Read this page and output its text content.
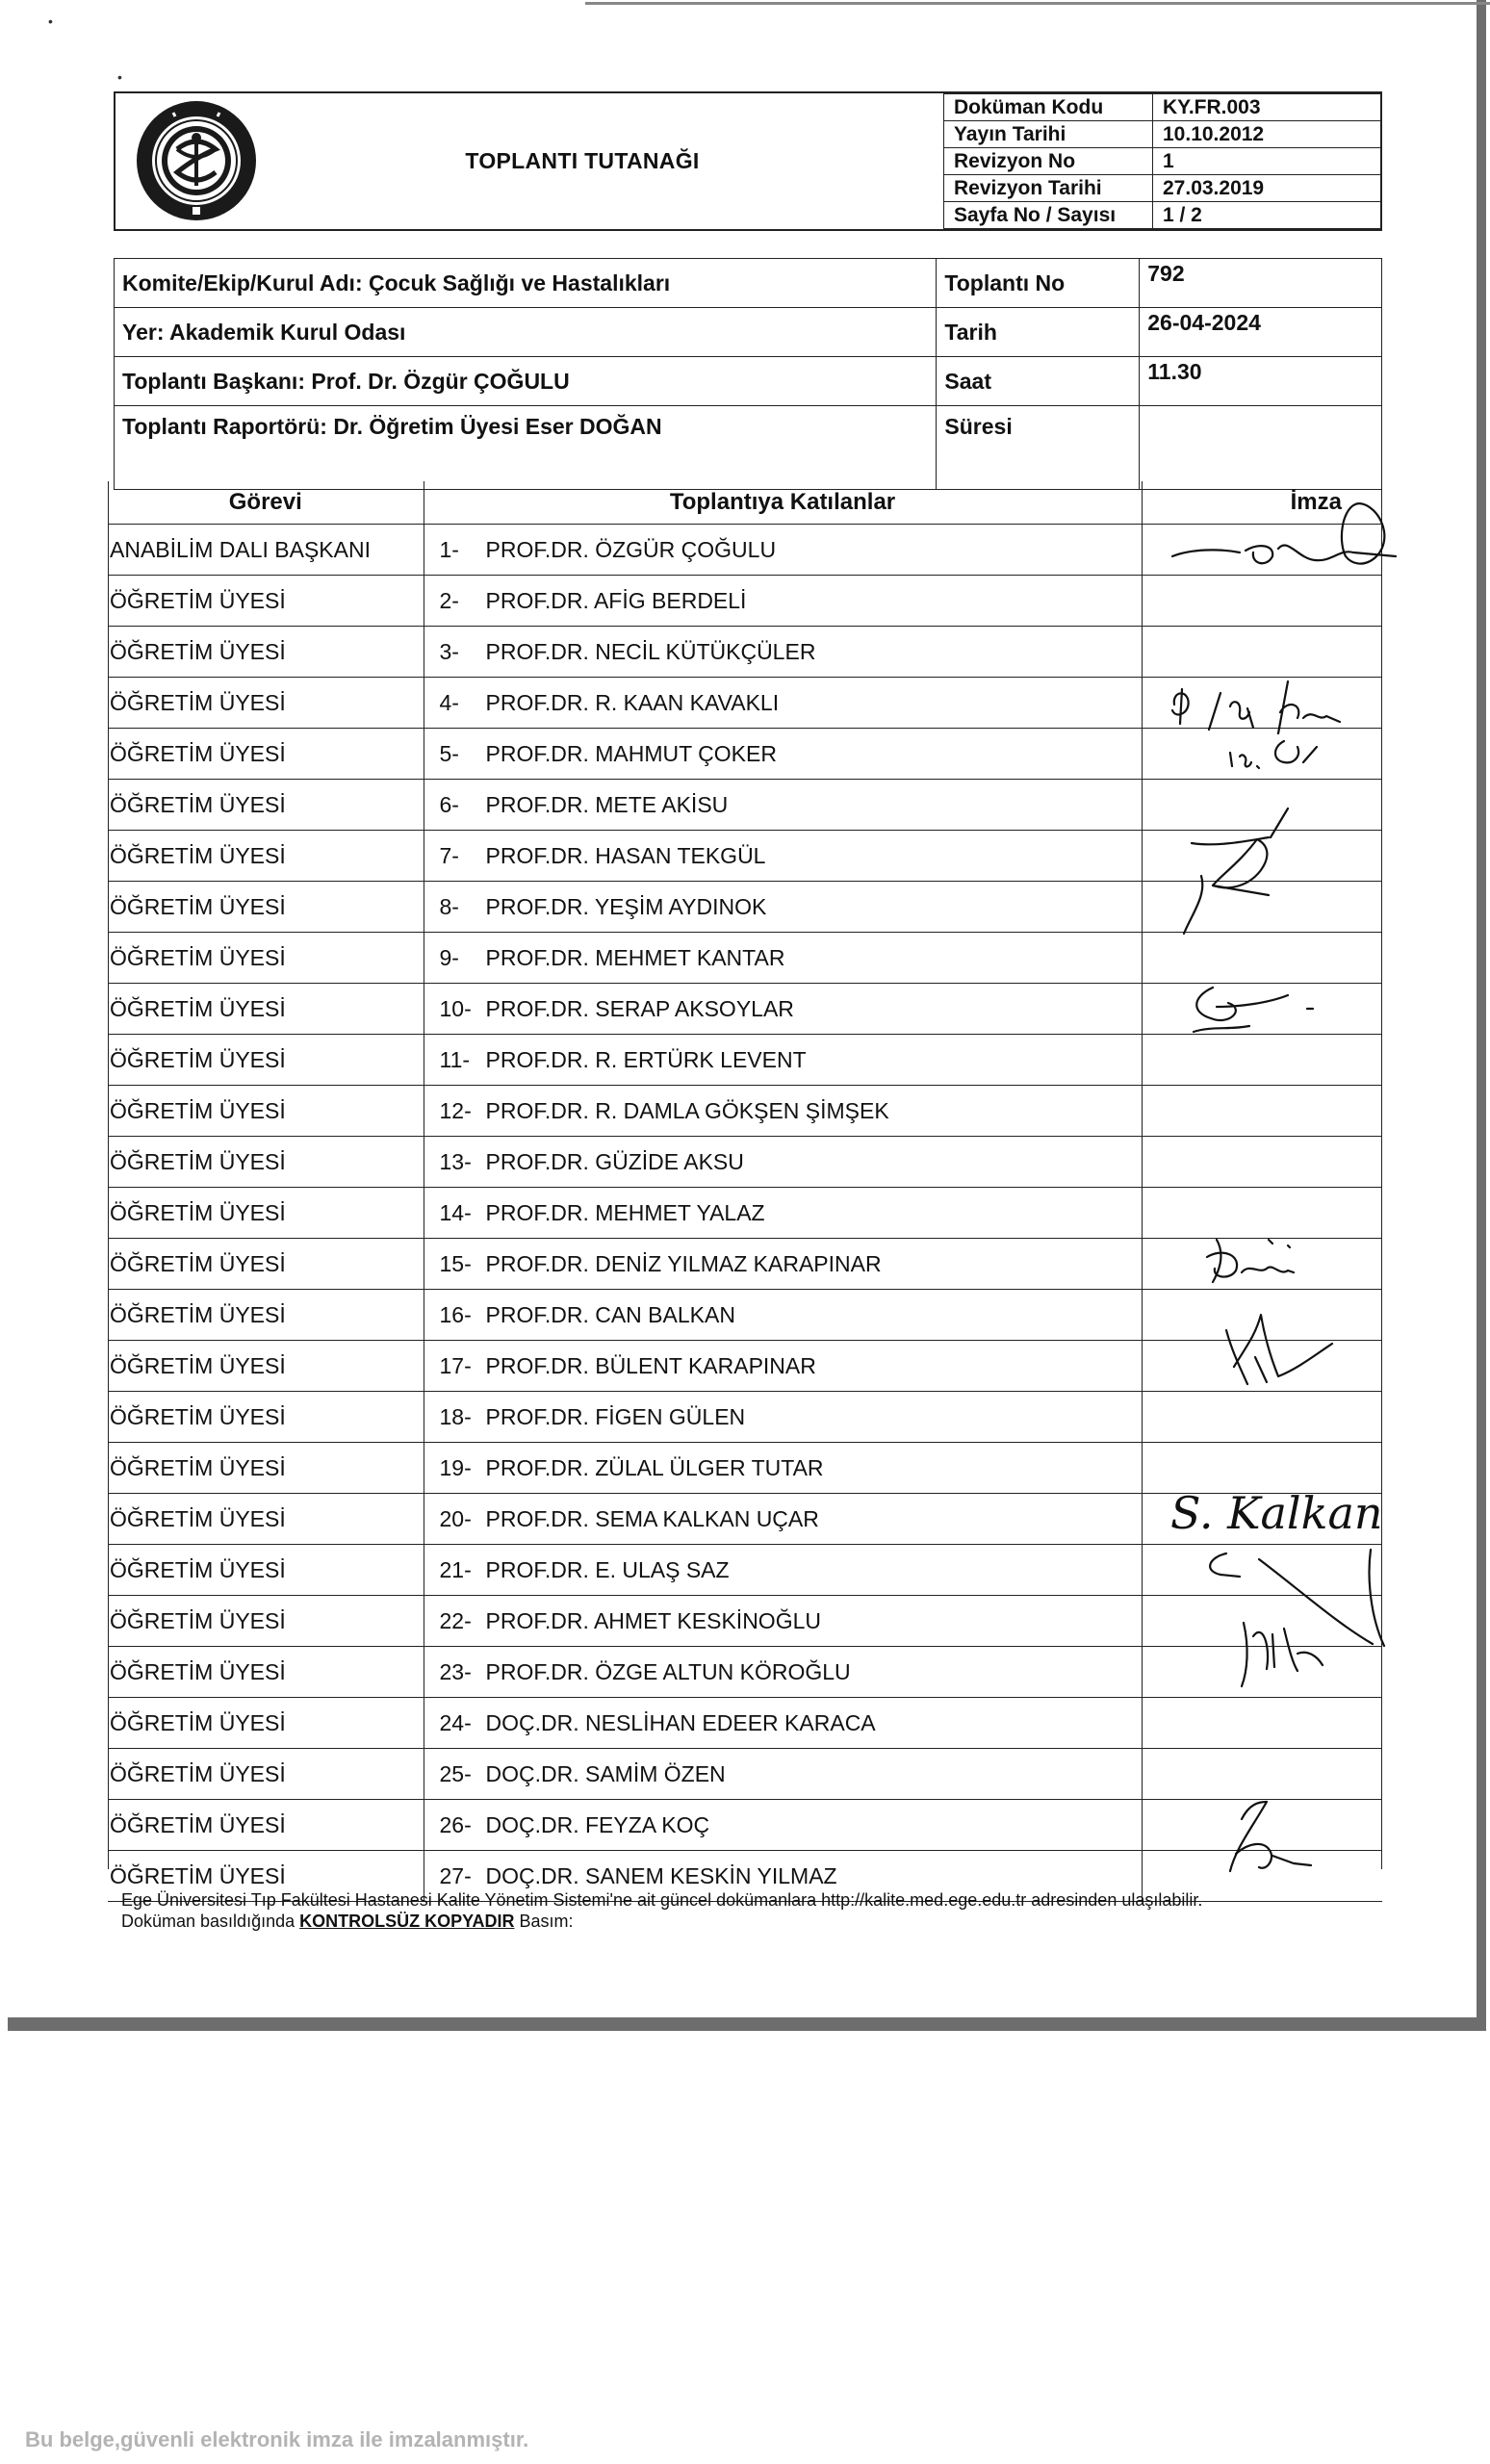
•
•
TOPLANTI TUTANAĞI
Doküman Kodu	KY.FR.003
Yayın Tarihi	10.10.2012
Revizyon No	1
Revizyon Tarihi	27.03.2019
Sayfa No / Sayısı	1 / 2
Komite/Ekip/Kurul Adı: Çocuk Sağlığı ve Hastalıkları	Toplantı No	792
Yer: Akademik Kurul Odası	Tarih	26-04-2024
Toplantı Başkanı: Prof. Dr. Özgür ÇOĞULU	Saat	11.30
Toplantı Raportörü: Dr. Öğretim Üyesi Eser DOĞAN	Süresi	
Görevi	Toplantıya Katılanlar	İmza
ANABİLİM DALI BAŞKANI	1- PROF.DR. ÖZGÜR ÇOĞULU	
ÖĞRETİM ÜYESİ	2- PROF.DR. AFİG BERDELİ	
ÖĞRETİM ÜYESİ	3- PROF.DR. NECİL KÜTÜKÇÜLER	
ÖĞRETİM ÜYESİ	4- PROF.DR. R. KAAN KAVAKLI	
ÖĞRETİM ÜYESİ	5- PROF.DR. MAHMUT ÇOKER	
ÖĞRETİM ÜYESİ	6- PROF.DR. METE AKİSU	
ÖĞRETİM ÜYESİ	7- PROF.DR. HASAN TEKGÜL	
ÖĞRETİM ÜYESİ	8- PROF.DR. YEŞİM AYDINOK	
ÖĞRETİM ÜYESİ	9- PROF.DR. MEHMET KANTAR	
ÖĞRETİM ÜYESİ	10- PROF.DR. SERAP AKSOYLAR	
ÖĞRETİM ÜYESİ	11- PROF.DR. R. ERTÜRK LEVENT	
ÖĞRETİM ÜYESİ	12- PROF.DR. R. DAMLA GÖKŞEN ŞİMŞEK	
ÖĞRETİM ÜYESİ	13- PROF.DR. GÜZİDE AKSU	
ÖĞRETİM ÜYESİ	14- PROF.DR. MEHMET YALAZ	
ÖĞRETİM ÜYESİ	15- PROF.DR. DENİZ YILMAZ KARAPINAR	
ÖĞRETİM ÜYESİ	16- PROF.DR. CAN BALKAN	
ÖĞRETİM ÜYESİ	17- PROF.DR. BÜLENT KARAPINAR	
ÖĞRETİM ÜYESİ	18- PROF.DR. FİGEN GÜLEN	
ÖĞRETİM ÜYESİ	19- PROF.DR. ZÜLAL ÜLGER TUTAR	
ÖĞRETİM ÜYESİ	20- PROF.DR. SEMA KALKAN UÇAR	
ÖĞRETİM ÜYESİ	21- PROF.DR. E. ULAŞ SAZ	
ÖĞRETİM ÜYESİ	22- PROF.DR. AHMET KESKİNOĞLU	
ÖĞRETİM ÜYESİ	23- PROF.DR. ÖZGE ALTUN KÖROĞLU	
ÖĞRETİM ÜYESİ	24- DOÇ.DR. NESLİHAN EDEER KARACA	
ÖĞRETİM ÜYESİ	25- DOÇ.DR. SAMİM ÖZEN	
ÖĞRETİM ÜYESİ	26- DOÇ.DR. FEYZA KOÇ	
ÖĞRETİM ÜYESİ	27- DOÇ.DR. SANEM KESKİN YILMAZ	
S. Kalkan
Ege Üniversitesi Tıp Fakültesi Hastanesi Kalite Yönetim Sistemi'ne ait güncel dokümanlara http://kalite.med.ege.edu.tr adresinden ulaşılabilir.
Doküman basıldığında KONTROLSÜZ KOPYADIR Basım:
Bu belge,güvenli elektronik imza ile imzalanmıştır.
